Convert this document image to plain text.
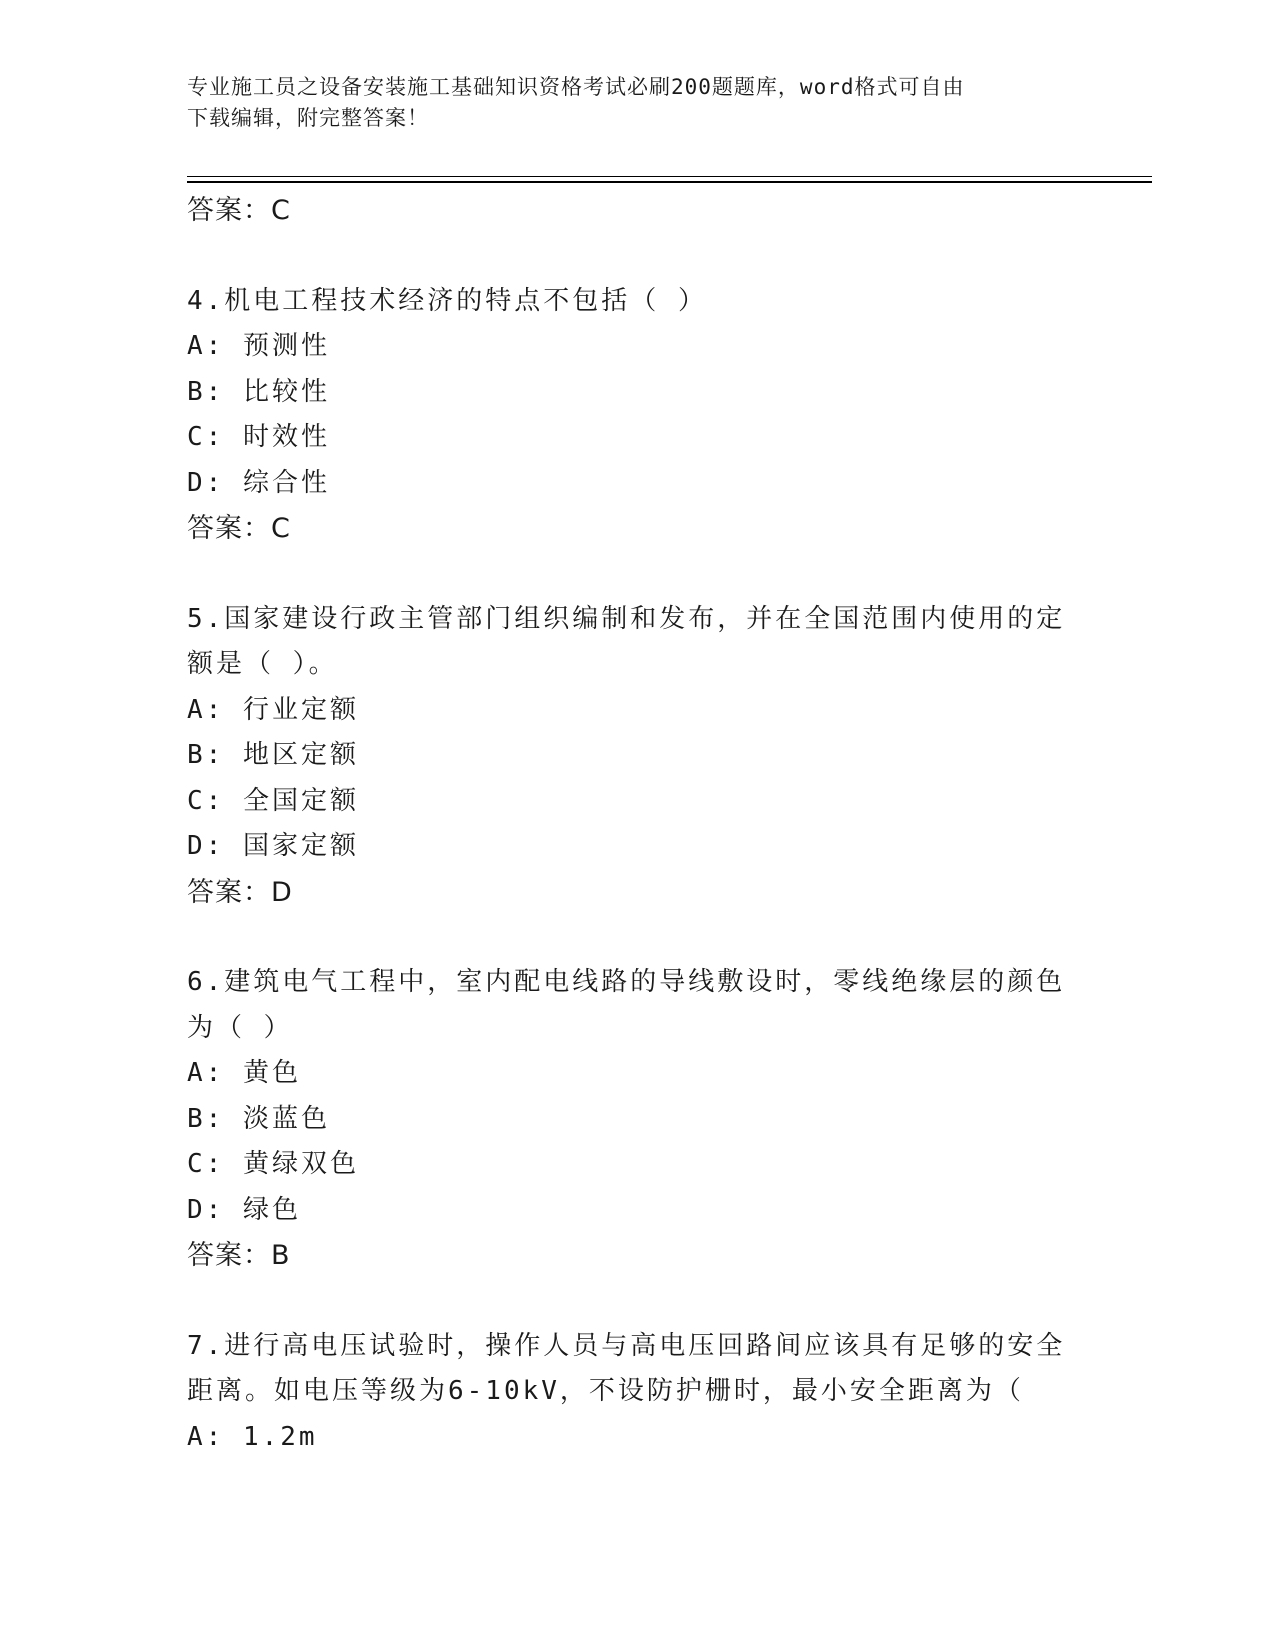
专业施工员之设备安装施工基础知识资格考试必刷200题题库，word格式可自由
下载编辑，附完整答案！
答案：C
4.机电工程技术经济的特点不包括（ ）
A: 预测性
B: 比较性
C: 时效性
D: 综合性
答案：C
5.国家建设行政主管部门组织编制和发布，并在全国范围内使用的定
额是（ ）。
A: 行业定额
B: 地区定额
C: 全国定额
D: 国家定额
答案：D
6.建筑电气工程中，室内配电线路的导线敷设时，零线绝缘层的颜色
为（ ）
A: 黄色
B: 淡蓝色
C: 黄绿双色
D: 绿色
答案：B
7.进行高电压试验时，操作人员与高电压回路间应该具有足够的安全
距离。如电压等级为6-10kV，不设防护栅时，最小安全距离为（
A: 1.2m
